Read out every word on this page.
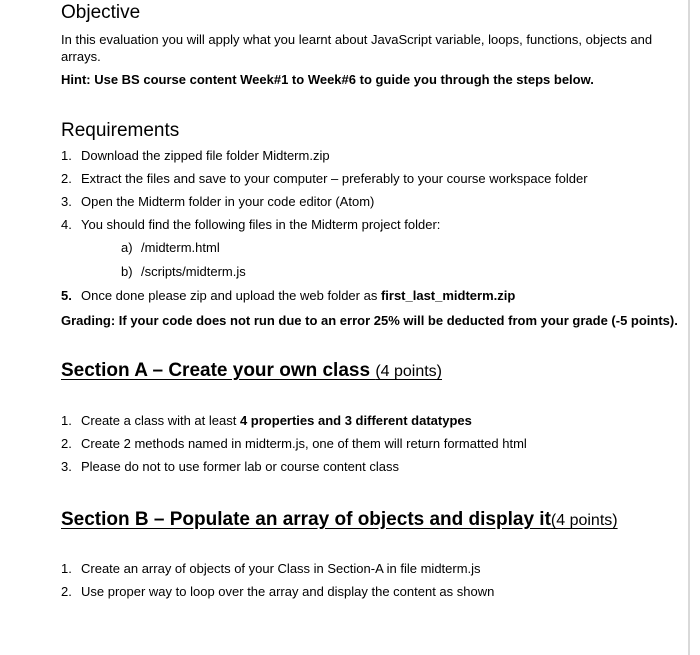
Objective
In this evaluation you will apply what you learnt about JavaScript variable, loops, functions, objects and
arrays.
Hint: Use BS course content Week#1 to Week#6 to guide you through the steps below.
Requirements
1. Download the zipped file folder Midterm.zip
2. Extract the files and save to your computer – preferably to your course workspace folder
3. Open the Midterm folder in your code editor (Atom)
4. You should find the following files in the Midterm project folder:
a) /midterm.html
b) /scripts/midterm.js
5. Once done please zip and upload the web folder as first_last_midterm.zip
Grading: If your code does not run due to an error 25% will be deducted from your grade (-5 points).
Section A – Create your own class (4 points)
1. Create a class with at least 4 properties and 3 different datatypes
2. Create 2 methods named in midterm.js, one of them will return formatted html
3. Please do not to use former lab or course content class
Section B – Populate an array of objects and display it(4 points)
1. Create an array of objects of your Class in Section-A in file midterm.js
2. Use proper way to loop over the array and display the content as shown
